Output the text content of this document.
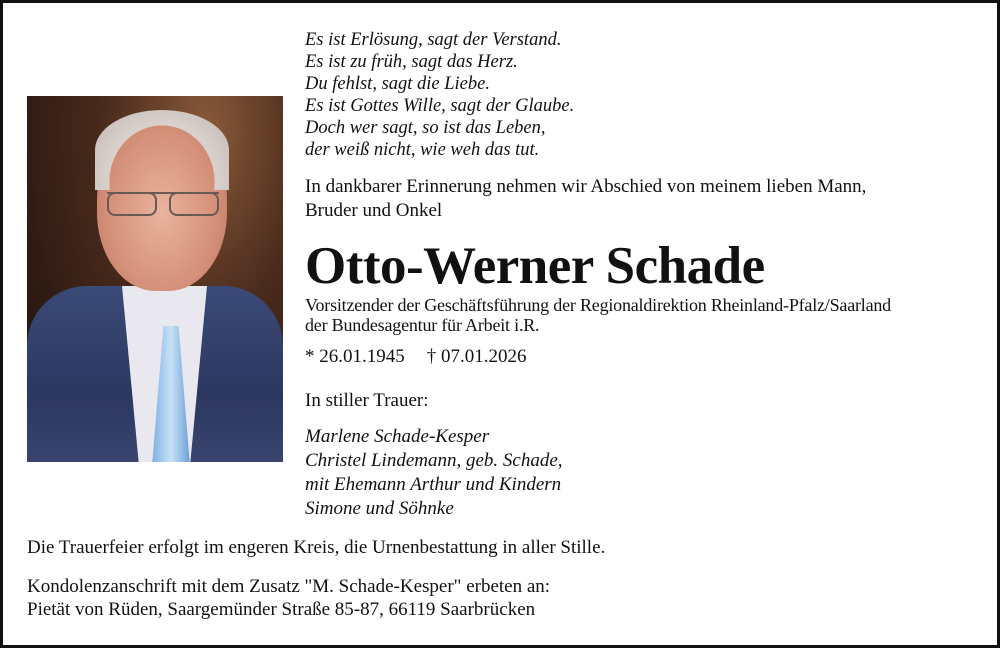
Es ist Erlösung, sagt der Verstand.
Es ist zu früh, sagt das Herz.
Du fehlst, sagt die Liebe.
Es ist Gottes Wille, sagt der Glaube.
Doch wer sagt, so ist das Leben,
der weiß nicht, wie weh das tut.
In dankbarer Erinnerung nehmen wir Abschied von meinem lieben Mann,
Bruder und Onkel
Otto-Werner Schade
Vorsitzender der Geschäftsführung der Regionaldirektion Rheinland-Pfalz/Saarland
der Bundesagentur für Arbeit i.R.
* 26.01.1945 † 07.01.2026
In stiller Trauer:
Marlene Schade-Kesper
Christel Lindemann, geb. Schade,
mit Ehemann Arthur und Kindern
Simone und Söhnke
Die Trauerfeier erfolgt im engeren Kreis, die Urnenbestattung in aller Stille.
Kondolenzanschrift mit dem Zusatz "M. Schade-Kesper" erbeten an:
Pietät von Rüden, Saargemünder Straße 85-87, 66119 Saarbrücken
